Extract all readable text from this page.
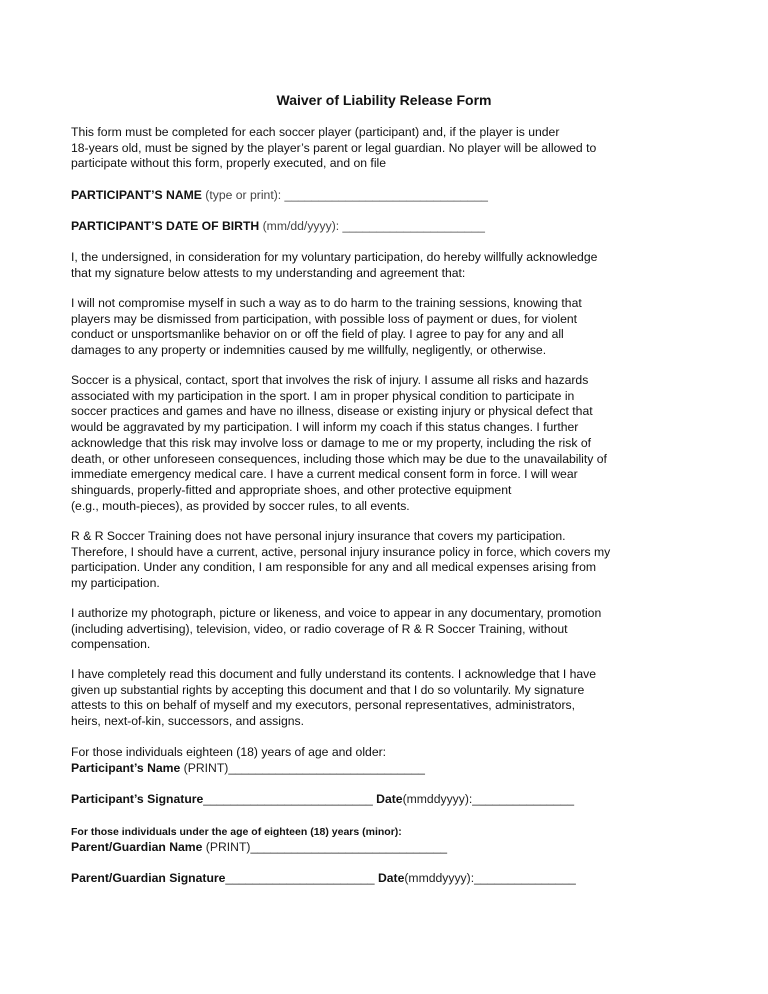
Waiver of Liability Release Form
This form must be completed for each soccer player (participant) and, if the player is under
18-years old, must be signed by the player’s parent or legal guardian. No player will be allowed to
participate without this form, properly executed, and on file
PARTICIPANT’S NAME (type or print): ______________________________
PARTICIPANT’S DATE OF BIRTH (mm/dd/yyyy): _____________________
I, the undersigned, in consideration for my voluntary participation, do hereby willfully acknowledge
that my signature below attests to my understanding and agreement that:
I will not compromise myself in such a way as to do harm to the training sessions, knowing that
players may be dismissed from participation, with possible loss of payment or dues, for violent
conduct or unsportsmanlike behavior on or off the field of play. I agree to pay for any and all
damages to any property or indemnities caused by me willfully, negligently, or otherwise.
Soccer is a physical, contact, sport that involves the risk of injury. I assume all risks and hazards
associated with my participation in the sport. I am in proper physical condition to participate in
soccer practices and games and have no illness, disease or existing injury or physical defect that
would be aggravated by my participation. I will inform my coach if this status changes. I further
acknowledge that this risk may involve loss or damage to me or my property, including the risk of
death, or other unforeseen consequences, including those which may be due to the unavailability of
immediate emergency medical care. I have a current medical consent form in force. I will wear
shinguards, properly-fitted and appropriate shoes, and other protective equipment
(e.g., mouth-pieces), as provided by soccer rules, to all events.
R & R Soccer Training does not have personal injury insurance that covers my participation.
Therefore, I should have a current, active, personal injury insurance policy in force, which covers my
participation. Under any condition, I am responsible for any and all medical expenses arising from
my participation.
I authorize my photograph, picture or likeness, and voice to appear in any documentary, promotion
(including advertising), television, video, or radio coverage of R & R Soccer Training, without
compensation.
I have completely read this document and fully understand its contents. I acknowledge that I have
given up substantial rights by accepting this document and that I do so voluntarily. My signature
attests to this on behalf of myself and my executors, personal representatives, administrators,
heirs, next-of-kin, successors, and assigns.
For those individuals eighteen (18) years of age and older:
Participant’s Name (PRINT)_____________________________
Participant’s Signature_________________________ Date(mmddyyyy):_______________
For those individuals under the age of eighteen (18) years (minor):
Parent/Guardian Name (PRINT)_____________________________
Parent/Guardian Signature______________________ Date(mmddyyyy):_______________
